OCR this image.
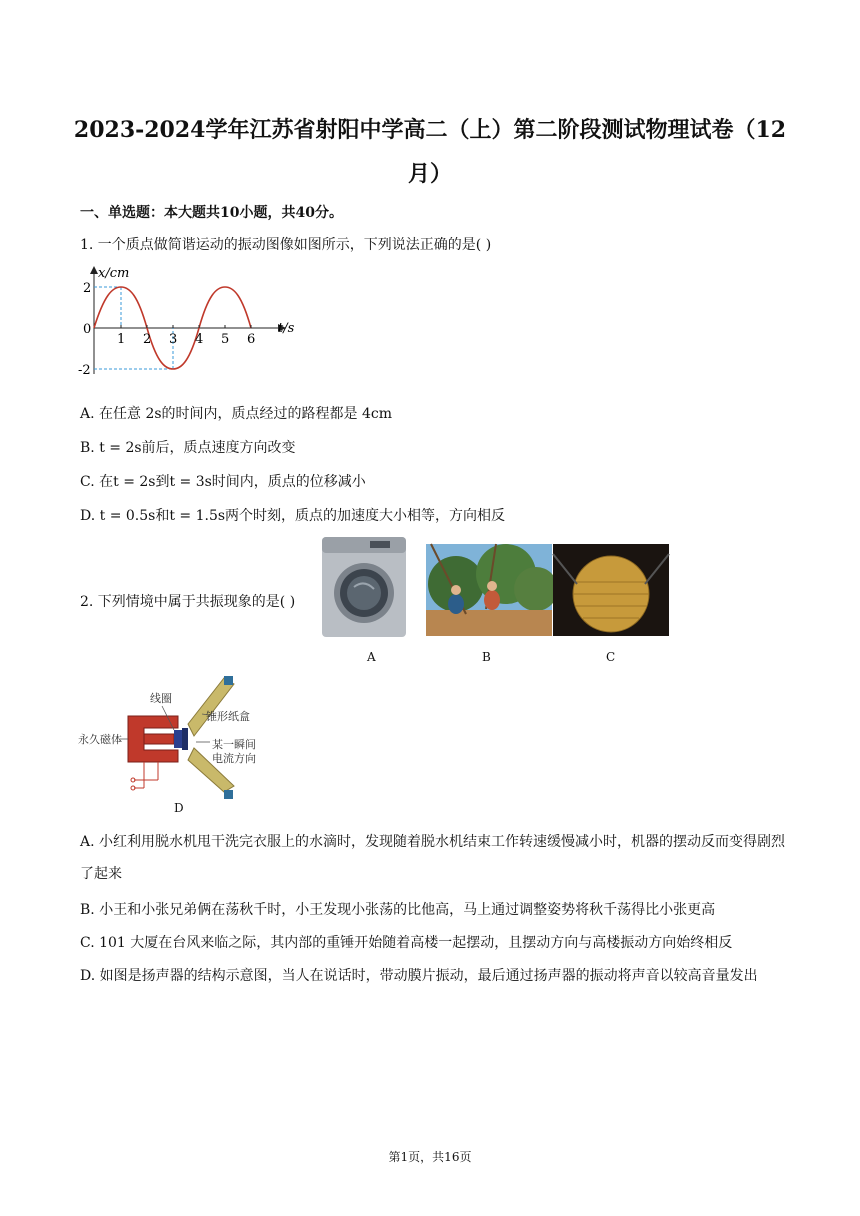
2023-2024学年江苏省射阳中学高二（上）第二阶段测试物理试卷（12
月）
一、单选题：本大题共10小题，共40分。
1. 一个质点做简谐运动的振动图像如图所示，下列说法正确的是( )
x/cm
t/s
2
0
-2
1 2 3 4 5 6
A. 在任意 2s的时间内，质点经过的路程都是 4cm
B. t = 2s前后，质点速度方向改变
C. 在t = 2s到t = 3s时间内，质点的位移减小
D. t = 0.5s和t = 1.5s两个时刻，质点的加速度大小相等，方向相反
2. 下列情境中属于共振现象的是( )
A	B	C
线圈
锥形纸盒
永久磁体	某一瞬间
电流方向
D
A. 小红利用脱水机甩干洗完衣服上的水滴时，发现随着脱水机结束工作转速缓慢减小时，机器的摆动反而变得剧烈了起来
B. 小王和小张兄弟俩在荡秋千时，小王发现小张荡的比他高，马上通过调整姿势将秋千荡得比小张更高
C. 101 大厦在台风来临之际，其内部的重锤开始随着高楼一起摆动，且摆动方向与高楼振动方向始终相反
D. 如图是扬声器的结构示意图，当人在说话时，带动膜片振动，最后通过扬声器的振动将声音以较高音量发出
第1页，共16页
